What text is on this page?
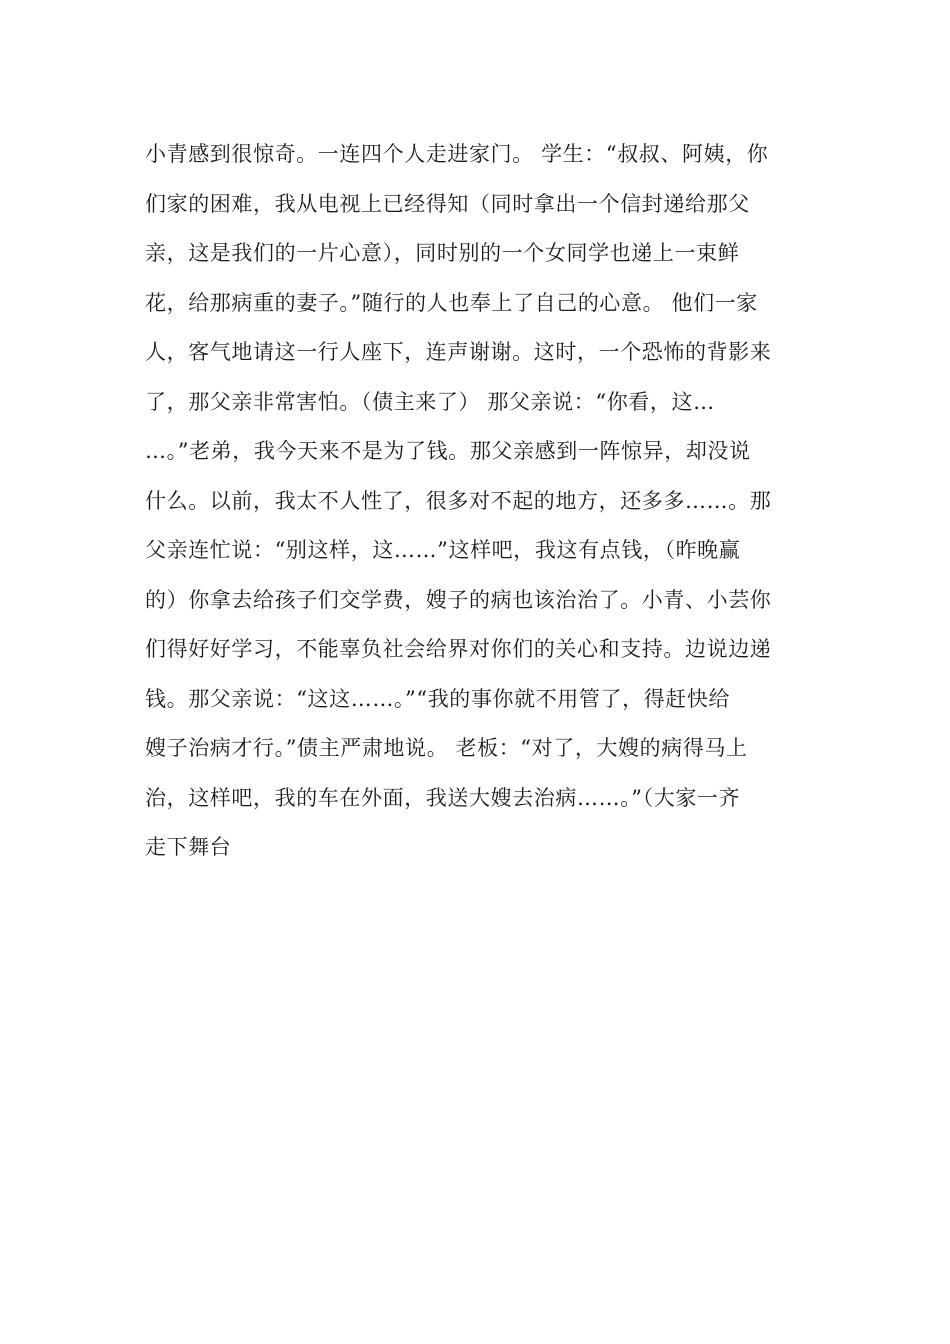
小青感到很惊奇。一连四个人走进家门。 学生：“叔叔、阿姨，你
们家的困难，我从电视上已经得知（同时拿出一个信封递给那父
亲，这是我们的一片心意），同时别的一个女同学也递上一束鲜
花，给那病重的妻子。”随行的人也奉上了自己的心意。 他们一家
人，客气地请这一行人座下，连声谢谢。这时，一个恐怖的背影来
了，那父亲非常害怕。（债主来了） 那父亲说：“你看，这…
…。”老弟，我今天来不是为了钱。那父亲感到一阵惊异，却没说
什么。以前，我太不人性了，很多对不起的地方，还多多……。那
父亲连忙说：“别这样，这……”这样吧，我这有点钱，（昨晚赢
的）你拿去给孩子们交学费，嫂子的病也该治治了。小青、小芸你
们得好好学习，不能辜负社会给界对你们的关心和支持。边说边递
钱。那父亲说：“这这……。”“我的事你就不用管了，得赶快给
嫂子治病才行。”债主严肃地说。 老板：“对了，大嫂的病得马上
治，这样吧，我的车在外面，我送大嫂去治病……。”（大家一齐
走下舞台
